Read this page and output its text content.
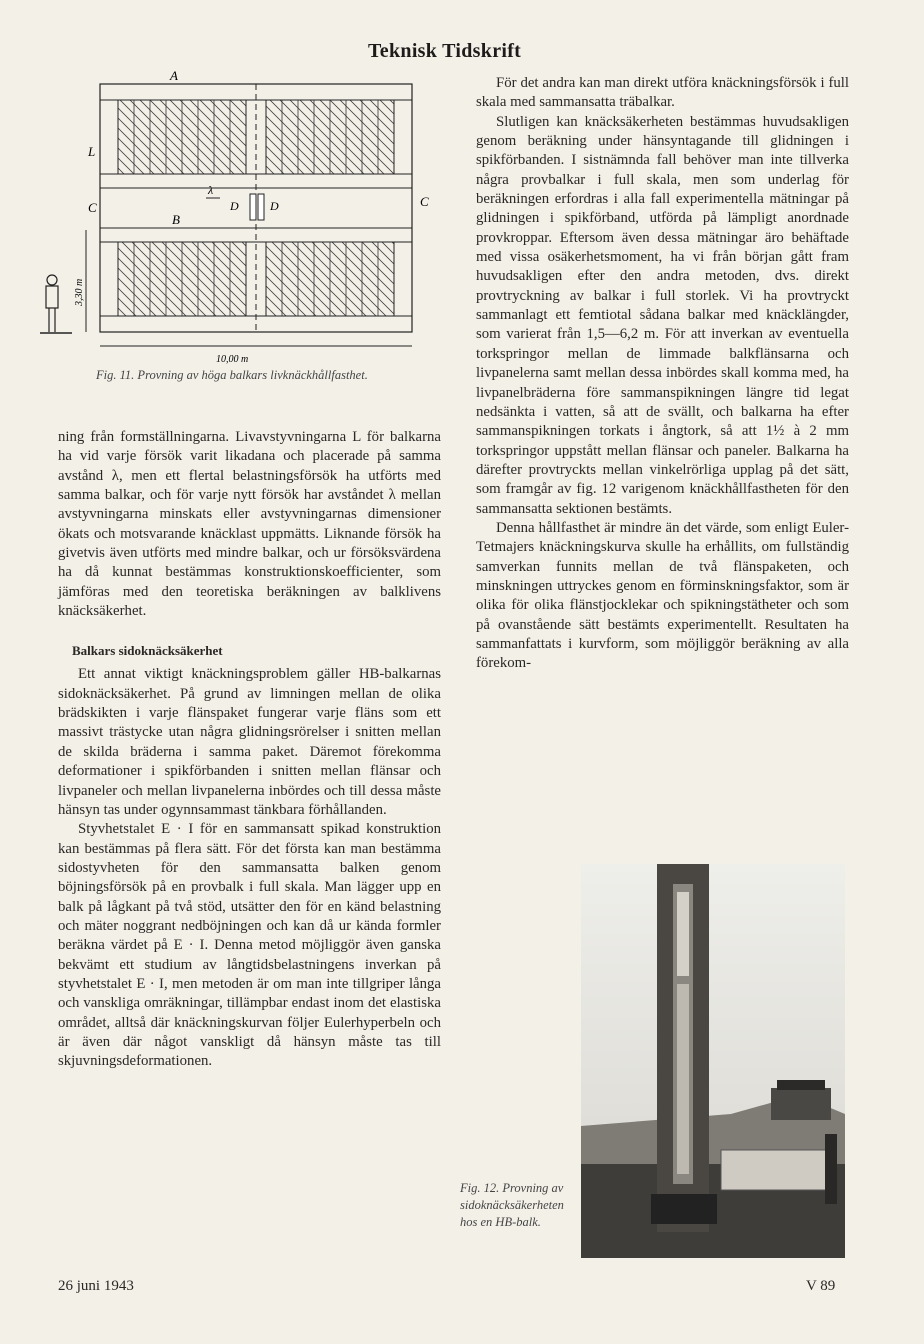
Teknisk Tidskrift
A
L
C	C
B
D	D
λ
3,30 m
10,00 m
Fig. 11. Provning av höga balkars livknäckhållfasthet.

ning från formställningarna. Livavstyvningarna L för balkarna ha vid varje försök varit likadana och placerade på samma avstånd λ, men ett flertal belastningsförsök ha utförts med samma balkar, och för varje nytt försök har avståndet λ mellan avstyvningarna minskats eller avstyvningarnas dimensioner ökats och motsvarande knäcklast uppmätts. Liknande försök ha givetvis även utförts med mindre balkar, och ur försöksvärdena ha då kunnat bestämmas konstruktionskoefficienter, som jämföras med den teoretiska beräkningen av balklivens knäcksäkerhet.

Balkars sidoknäcksäkerhet

Ett annat viktigt knäckningsproblem gäller HB-balkarnas sidoknäcksäkerhet. På grund av limningen mellan de olika brädskikten i varje flänspaket fungerar varje fläns som ett massivt trästycke utan några glidningsrörelser i snitten mellan de skilda bräderna i samma paket. Däremot förekomma deformationer i spikförbanden i snitten mellan flänsar och livpaneler och mellan livpanelerna inbördes och till dessa måste hänsyn tas under ogynnsammast tänkbara förhållanden.

Styvhetstalet E · I för en sammansatt spikad konstruktion kan bestämmas på flera sätt. För det första kan man bestämma sidostyvheten för den sammansatta balken genom böjningsförsök på en provbalk i full skala. Man lägger upp en balk på lågkant på två stöd, utsätter den för en känd belastning och mäter noggrant nedböjningen och kan då ur kända formler beräkna värdet på E · I. Denna metod möjliggör även ganska bekvämt ett studium av långtidsbelastningens inverkan på styvhetstalet E · I, men metoden är om man inte tillgriper långa och vanskliga omräkningar, tillämpbar endast inom det elastiska området, alltså där knäckningskurvan följer Eulerhyperbeln och är även där något vanskligt då hänsyn måste tas till skjuvningsdeformationen.

För det andra kan man direkt utföra knäckningsförsök i full skala med sammansatta träbalkar.

Slutligen kan knäcksäkerheten bestämmas huvudsakligen genom beräkning under hänsyntagande till glidningen i spikförbanden. I sistnämnda fall behöver man inte tillverka några provbalkar i full skala, men som underlag för beräkningen erfordras i alla fall experimentella mätningar på glidningen i spikförband, utförda på lämpligt anordnade provkroppar. Eftersom även dessa mätningar äro behäftade med vissa osäkerhetsmoment, ha vi från början gått fram huvudsakligen efter den andra metoden, dvs. direkt provtryckning av balkar i full storlek. Vi ha provtryckt sammanlagt ett femtiotal sådana balkar med knäcklängder, som varierat från 1,5—6,2 m. För att inverkan av eventuella torkspringor mellan de limmade balkflänsarna och livpanelerna samt mellan dessa inbördes skall komma med, ha livpanelbräderna före sammanspikningen längre tid legat nedsänkta i vatten, så att de svällt, och balkarna ha efter sammanspikningen torkats i ångtork, så att 1½ à 2 mm torkspringor uppstått mellan flänsar och paneler. Balkarna ha därefter provtryckts mellan vinkelrörliga upplag på det sätt, som framgår av fig. 12 varigenom knäckhållfastheten för den sammansatta sektionen bestämts.

Denna hållfasthet är mindre än det värde, som enligt Euler-Tetmajers knäckningskurva skulle ha erhållits, om fullständig samverkan funnits mellan de två flänspaketen, och minskningen uttryckes genom en förminskningsfaktor, som är olika för olika flänstjocklekar och spikningstätheter och som på ovanstående sätt bestämts experimentellt. Resultaten ha sammanfattats i kurvform, som möjliggör beräkning av alla förekom-

Fig. 12. Provning av sidoknäcksäkerheten hos en HB-balk.
26 juni 1943	V 89
